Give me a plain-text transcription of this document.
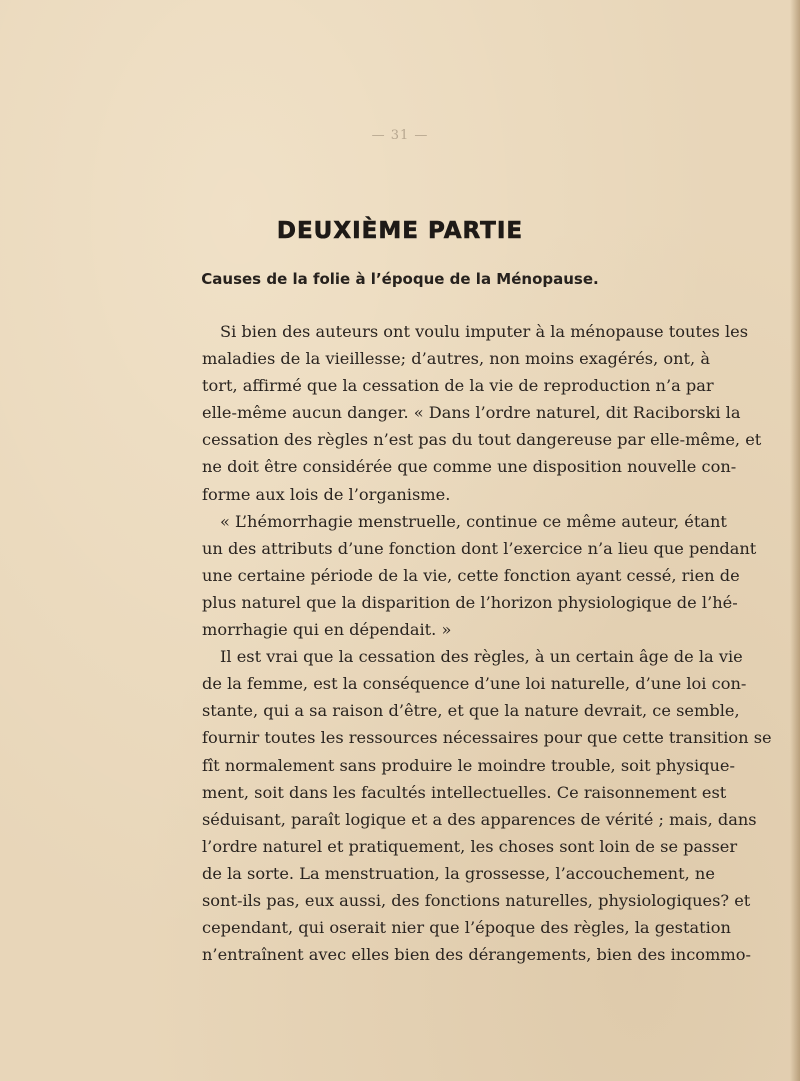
— 31 —
DEUXIÈME PARTIE
Causes de la folie à l’époque de la Ménopause.
Si bien des auteurs ont voulu imputer à la ménopause toutes les
maladies de la vieillesse; d’autres, non moins exagérés, ont, à
tort, affirmé que la cessation de la vie de reproduction n’a par
elle-même aucun danger. « Dans l’ordre naturel, dit Raciborski la
cessation des règles n’est pas du tout dangereuse par elle-même, et
ne doit être considérée que comme une disposition nouvelle con-
forme aux lois de l’organisme.
« L’hémorrhagie menstruelle, continue ce même auteur, étant
un des attributs d’une fonction dont l’exercice n’a lieu que pendant
une certaine période de la vie, cette fonction ayant cessé, rien de
plus naturel que la disparition de l’horizon physiologique de l’hé-
morrhagie qui en dépendait. »
Il est vrai que la cessation des règles, à un certain âge de la vie
de la femme, est la conséquence d’une loi naturelle, d’une loi con-
stante, qui a sa raison d’être, et que la nature devrait, ce semble,
fournir toutes les ressources nécessaires pour que cette transition se
fît normalement sans produire le moindre trouble, soit physique-
ment, soit dans les facultés intellectuelles. Ce raisonnement est
séduisant, paraît logique et a des apparences de vérité ; mais, dans
l’ordre naturel et pratiquement, les choses sont loin de se passer
de la sorte. La menstruation, la grossesse, l’accouchement, ne
sont-ils pas, eux aussi, des fonctions naturelles, physiologiques? et
cependant, qui oserait nier que l’époque des règles, la gestation
n’entraînent avec elles bien des dérangements, bien des incommo-
